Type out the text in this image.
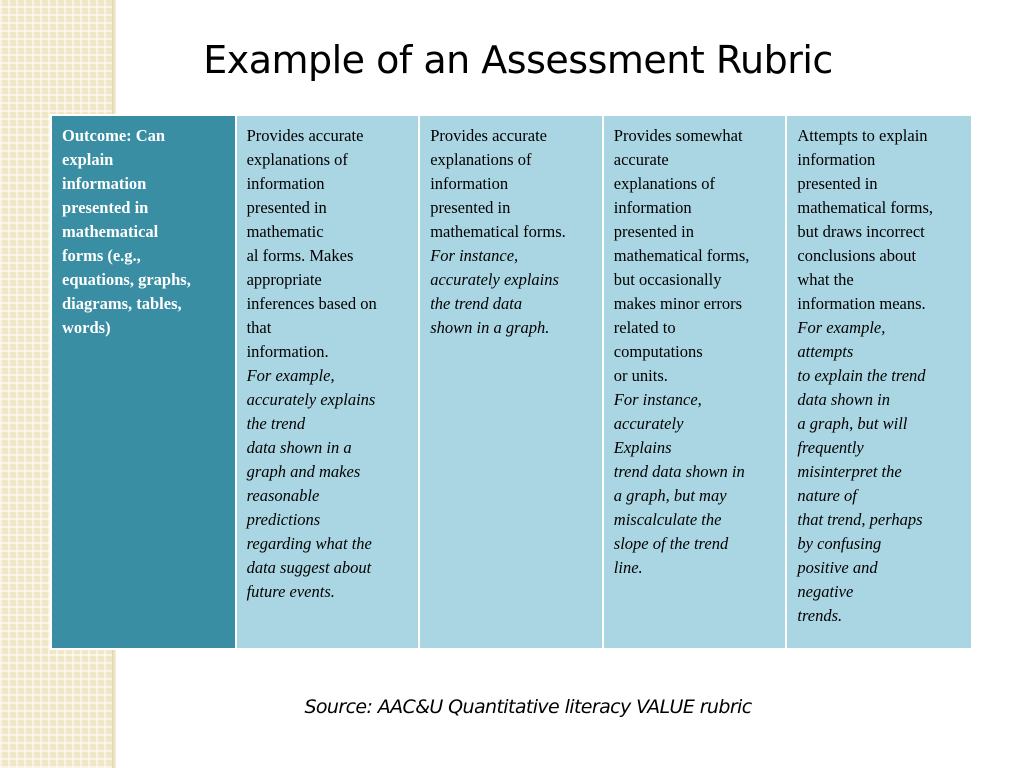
Example of an Assessment Rubric
Outcome: Can
explain
information
presented in
mathematical
forms (e.g.,
equations, graphs,
diagrams, tables,
words)
Provides accurate
explanations of
information
presented in
mathematic
al forms. Makes
appropriate
inferences based on
that
information.
For example,
accurately explains
the trend
data shown in a
graph and makes
reasonable
predictions
regarding what the
data suggest about
future events.
Provides accurate
explanations of
information
presented in
mathematical forms.
For instance,
accurately explains
the trend data
shown in a graph.
Provides somewhat
accurate
explanations of
information
presented in
mathematical forms,
but occasionally
makes minor errors
related to
computations
or units.
For instance,
accurately
Explains
trend data shown in
a graph, but may
miscalculate the
slope of the trend
line.
Attempts to explain
information
presented in
mathematical forms,
but draws incorrect
conclusions about
what the
information means.
For example,
attempts
to explain the trend
data shown in
a graph, but will
frequently
misinterpret the
nature of
that trend, perhaps
by confusing
positive and
negative
trends.
Source: AAC&U Quantitative literacy VALUE rubric
